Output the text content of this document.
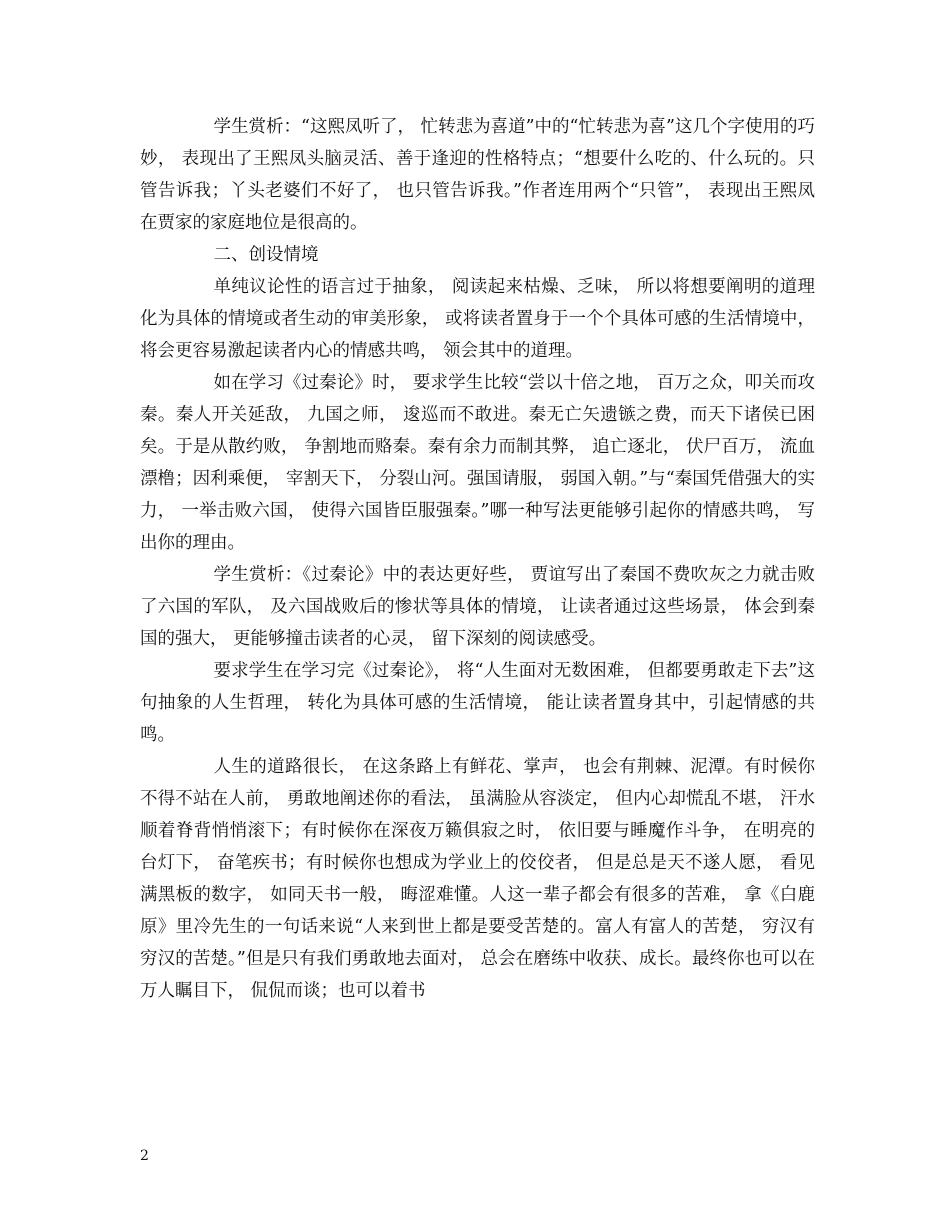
学生赏析：“这熙凤听了， 忙转悲为喜道”中的“忙转悲为喜”这几个字使用的巧妙， 表现出了王熙凤头脑灵活、善于逢迎的性格特点；“想要什么吃的、什么玩的。只管告诉我；丫头老婆们不好了， 也只管告诉我。”作者连用两个“只管”， 表现出王熙凤在贾家的家庭地位是很高的。

二、创设情境

单纯议论性的语言过于抽象， 阅读起来枯燥、乏味， 所以将想要阐明的道理化为具体的情境或者生动的审美形象， 或将读者置身于一个个具体可感的生活情境中， 将会更容易激起读者内心的情感共鸣， 领会其中的道理。

如在学习《过秦论》时， 要求学生比较“尝以十倍之地， 百万之众，叩关而攻秦。秦人开关延敌， 九国之师， 逡巡而不敢进。秦无亡矢遗镞之费，而天下诸侯已困矣。于是从散约败， 争割地而赂秦。秦有余力而制其弊， 追亡逐北， 伏尸百万， 流血漂橹；因利乘便， 宰割天下， 分裂山河。强国请服， 弱国入朝。”与“秦国凭借强大的实力， 一举击败六国， 使得六国皆臣服强秦。”哪一种写法更能够引起你的情感共鸣， 写出你的理由。

学生赏析：《过秦论》中的表达更好些， 贾谊写出了秦国不费吹灰之力就击败了六国的军队， 及六国战败后的惨状等具体的情境， 让读者通过这些场景， 体会到秦国的强大， 更能够撞击读者的心灵， 留下深刻的阅读感受。

要求学生在学习完《过秦论》， 将“人生面对无数困难， 但都要勇敢走下去”这句抽象的人生哲理， 转化为具体可感的生活情境， 能让读者置身其中，引起情感的共鸣。

人生的道路很长， 在这条路上有鲜花、掌声， 也会有荆棘、泥潭。有时候你不得不站在人前， 勇敢地阐述你的看法， 虽满脸从容淡定， 但内心却慌乱不堪， 汗水顺着脊背悄悄滚下；有时候你在深夜万籁俱寂之时， 依旧要与睡魔作斗争， 在明亮的台灯下， 奋笔疾书；有时候你也想成为学业上的佼佼者， 但是总是天不遂人愿， 看见满黑板的数字， 如同天书一般， 晦涩难懂。人这一辈子都会有很多的苦难， 拿《白鹿原》里冷先生的一句话来说“人来到世上都是要受苦楚的。富人有富人的苦楚， 穷汉有穷汉的苦楚。”但是只有我们勇敢地去面对， 总会在磨练中收获、成长。最终你也可以在万人瞩目下， 侃侃而谈；也可以着书

2
